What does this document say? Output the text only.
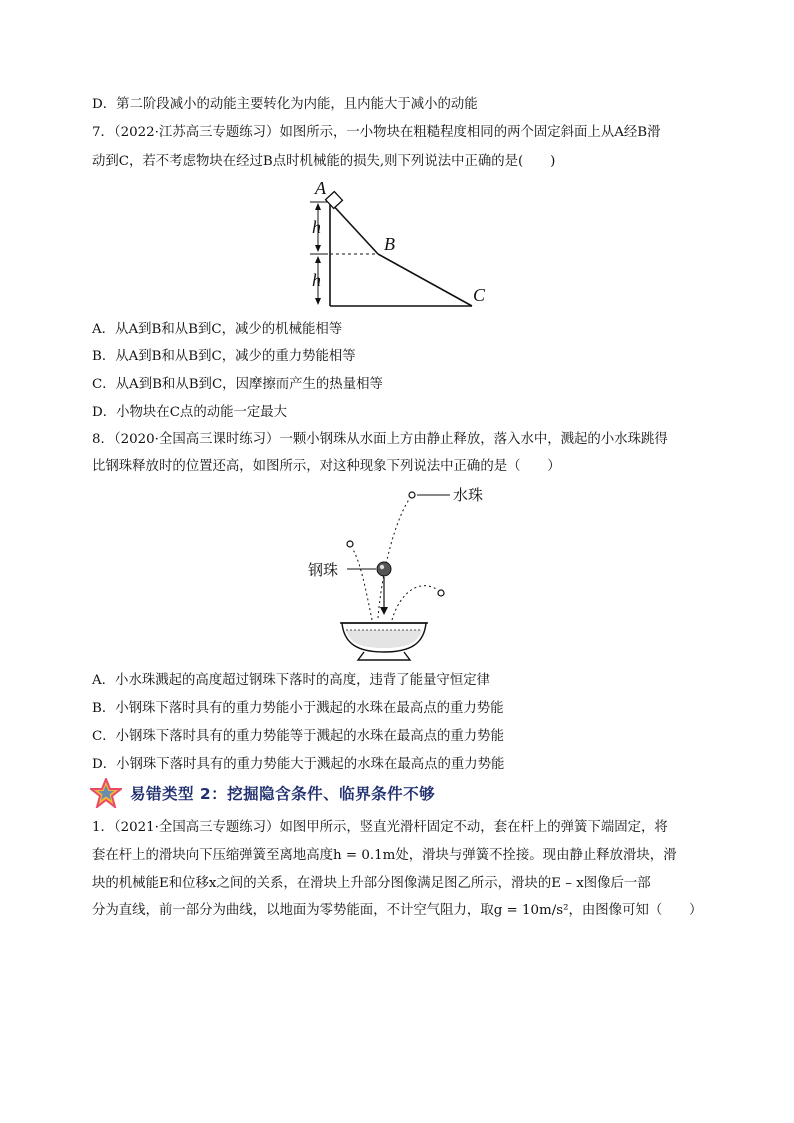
D．第二阶段减小的动能主要转化为内能，且内能大于减小的动能
7．（2022·江苏高三专题练习）如图所示，一小物块在粗糙程度相同的两个固定斜面上从A经B滑
动到C，若不考虑物块在经过B点时机械能的损失,则下列说法中正确的是(　　)
A
h
h
B
C
A．从A到B和从B到C，减少的机械能相等
B．从A到B和从B到C，减少的重力势能相等
C．从A到B和从B到C，因摩擦而产生的热量相等
D．小物块在C点的动能一定最大
8．（2020·全国高三课时练习）一颗小钢珠从水面上方由静止释放，落入水中，溅起的小水珠跳得
比钢珠释放时的位置还高，如图所示，对这种现象下列说法中正确的是（　　）
水珠
钢珠
A．小水珠溅起的高度超过钢珠下落时的高度，违背了能量守恒定律
B．小钢珠下落时具有的重力势能小于溅起的水珠在最高点的重力势能
C．小钢珠下落时具有的重力势能等于溅起的水珠在最高点的重力势能
D．小钢珠下落时具有的重力势能大于溅起的水珠在最高点的重力势能
易错类型 2：挖掘隐含条件、临界条件不够
1．（2021·全国高三专题练习）如图甲所示，竖直光滑杆固定不动，套在杆上的弹簧下端固定，将
套在杆上的滑块向下压缩弹簧至离地高度h = 0.1m处，滑块与弹簧不拴接。现由静止释放滑块，滑
块的机械能E和位移x之间的关系，在滑块上升部分图像满足图乙所示，滑块的E – x图像后一部
分为直线，前一部分为曲线，以地面为零势能面，不计空气阻力，取g = 10m/s²，由图像可知（　　）
